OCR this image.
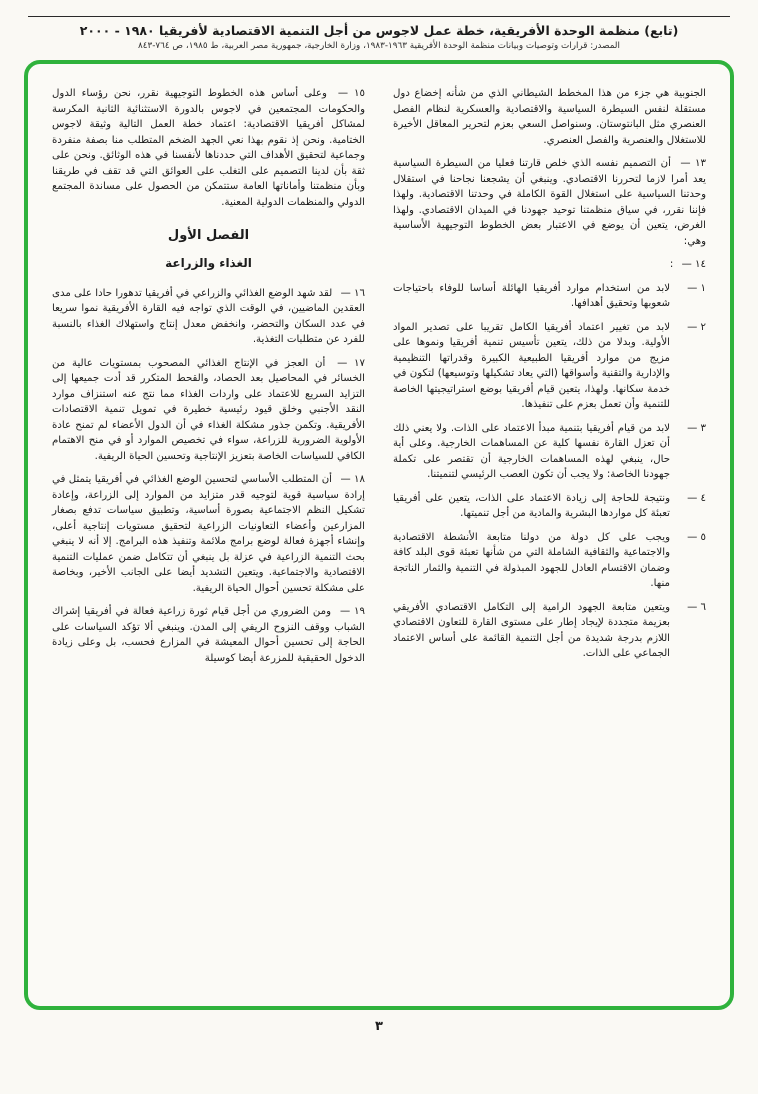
(تابع) منظمة الوحدة الأفريقية، خطة عمل لاجوس من أجل التنمية الاقتصادية لأفريقيا ١٩٨٠ - ٢٠٠٠
المصدر: قرارات وتوصيات وبيانات منظمة الوحدة الأفريقية ١٩٦٣-١٩٨٣، وزارة الخارجية، جمهورية مصر العربية، ط ١٩٨٥، ص ٧٦٤-٨٤٣

الجنوبية هي جزء من هذا المخطط الشيطاني الذي من شأنه إخضاع دول مستقلة لنفس السيطرة السياسية والاقتصادية والعسكرية لنظام الفصل العنصري مثل البانتوستان. وسنواصل السعي بعزم لتحرير المعاقل الأخيرة للاستغلال والعنصرية والفصل العنصري.

١٣ — أن التصميم نفسه الذي خلص قارتنا فعليا من السيطرة السياسية يعد أمرا لازما لتحررنا الاقتصادي. وينبغي أن يشجعنا نجاحنا في استقلال وحدتنا السياسية على استغلال القوة الكاملة في وحدتنا الاقتصادية. ولهذا فإننا نقرر، في سياق منظمتنا توحيد جهودنا في الميدان الاقتصادي. ولهذا الغرض، يتعين أن يوضع في الاعتبار بعض الخطوط التوجيهية الأساسية وهي:

١٤ — :

١ —
لابد من استخدام موارد أفريقيا الهائلة أساسا للوفاء باحتياجات شعوبها وتحقيق أهدافها.
٢ —
لابد من تغيير اعتماد أفريقيا الكامل تقريبا على تصدير المواد الأولية. وبدلا من ذلك، يتعين تأسيس تنمية أفريقيا ونموها على مزيج من موارد أفريقيا الطبيعية الكبيرة وقدراتها التنظيمية والإدارية والتقنية وأسواقها (التي يعاد تشكيلها وتوسيعها) لتكون في خدمة سكانها. ولهذا، يتعين قيام أفريقيا بوضع استراتيجيتها الخاصة للتنمية وأن تعمل بعزم على تنفيذها.
٣ —
لابد من قيام أفريقيا بتنمية مبدأ الاعتماد على الذات. ولا يعني ذلك أن تعزل القارة نفسها كلية عن المساهمات الخارجية. وعلى أية حال، ينبغي لهذه المساهمات الخارجية أن تقتصر على تكملة جهودنا الخاصة: ولا يجب أن تكون العصب الرئيسي لتنميتنا.
٤ —
ونتيجة للحاجة إلى زيادة الاعتماد على الذات، يتعين على أفريقيا تعبئة كل مواردها البشرية والمادية من أجل تنميتها.
٥ —
ويجب على كل دولة من دولنا متابعة الأنشطة الاقتصادية والاجتماعية والثقافية الشاملة التي من شأنها تعبئة قوى البلد كافة وضمان الاقتسام العادل للجهود المبذولة في التنمية والثمار الناتجة منها.
٦ —
ويتعين متابعة الجهود الرامية إلى التكامل الاقتصادي الأفريقي بعزيمة متجددة لإيجاد إطار على مستوى القارة للتعاون الاقتصادي اللازم بدرجة شديدة من أجل التنمية القائمة على أساس الاعتماد الجماعي على الذات.

١٥ — وعلى أساس هذه الخطوط التوجيهية نقرر، نحن رؤساء الدول والحكومات المجتمعين في لاجوس بالدورة الاستثنائية الثانية المكرسة لمشاكل أفريقيا الاقتصادية: اعتماد خطة العمل التالية وثيقة لاجوس الختامية. ونحن إذ نقوم بهذا نعي الجهد الضخم المتطلب منا بصفة منفردة وجماعية لتحقيق الأهداف التي حددناها لأنفسنا في هذه الوثائق. ونحن على ثقة بأن لدينا التصميم على التغلب على العوائق التي قد تقف في طريقنا وبأن منظمتنا وأماناتها العامة ستتمكن من الحصول على مساندة المجتمع الدولي والمنظمات الدولية المعنية.

الفصل الأول
الغذاء والزراعة

١٦ — لقد شهد الوضع الغذائي والزراعي في أفريقيا تدهورا حادا على مدى العقدين الماضيين، في الوقت الذي تواجه فيه القارة الأفريقية نموا سريعا في عدد السكان والتحضر، وانخفض معدل إنتاج واستهلاك الغذاء بالنسبة للفرد عن متطلبات التغذية.

١٧ — أن العجز في الإنتاج الغذائي المصحوب بمستويات عالية من الخسائر في المحاصيل بعد الحصاد، والقحط المتكرر قد أدت جميعها إلى التزايد السريع للاعتماد على واردات الغذاء مما نتج عنه استنزاف موارد النقد الأجنبي وخلق قيود رئيسية خطيرة في تمويل تنمية الاقتصادات الأفريقية. وتكمن جذور مشكلة الغذاء في أن الدول الأعضاء لم تمنح عادة الأولوية الضرورية للزراعة، سواء في تخصيص الموارد أو في منح الاهتمام الكافي للسياسات الخاصة بتعزيز الإنتاجية وتحسين الحياة الريفية.

١٨ — أن المتطلب الأساسي لتحسين الوضع الغذائي في أفريقيا يتمثل في إرادة سياسية قوية لتوجيه قدر متزايد من الموارد إلى الزراعة، وإعادة تشكيل النظم الاجتماعية بصورة أساسية، وتطبيق سياسات تدفع بصغار المزارعين وأعضاء التعاونيات الزراعية لتحقيق مستويات إنتاجية أعلى، وإنشاء أجهزة فعالة لوضع برامج ملائمة وتنفيذ هذه البرامج. إلا أنه لا ينبغي بحث التنمية الزراعية في عزلة بل ينبغي أن تتكامل ضمن عمليات التنمية الاقتصادية والاجتماعية. ويتعين التشديد أيضا على الجانب الأخير، وبخاصة على مشكلة تحسين أحوال الحياة الريفية.

١٩ — ومن الضروري من أجل قيام ثورة زراعية فعالة في أفريقيا إشراك الشباب ووقف النزوح الريفي إلى المدن. وينبغي ألا تؤكد السياسات على الحاجة إلى تحسين أحوال المعيشة في المزارع فحسب، بل وعلى زيادة الدخول الحقيقية للمزرعة أيضا كوسيلة

٣
